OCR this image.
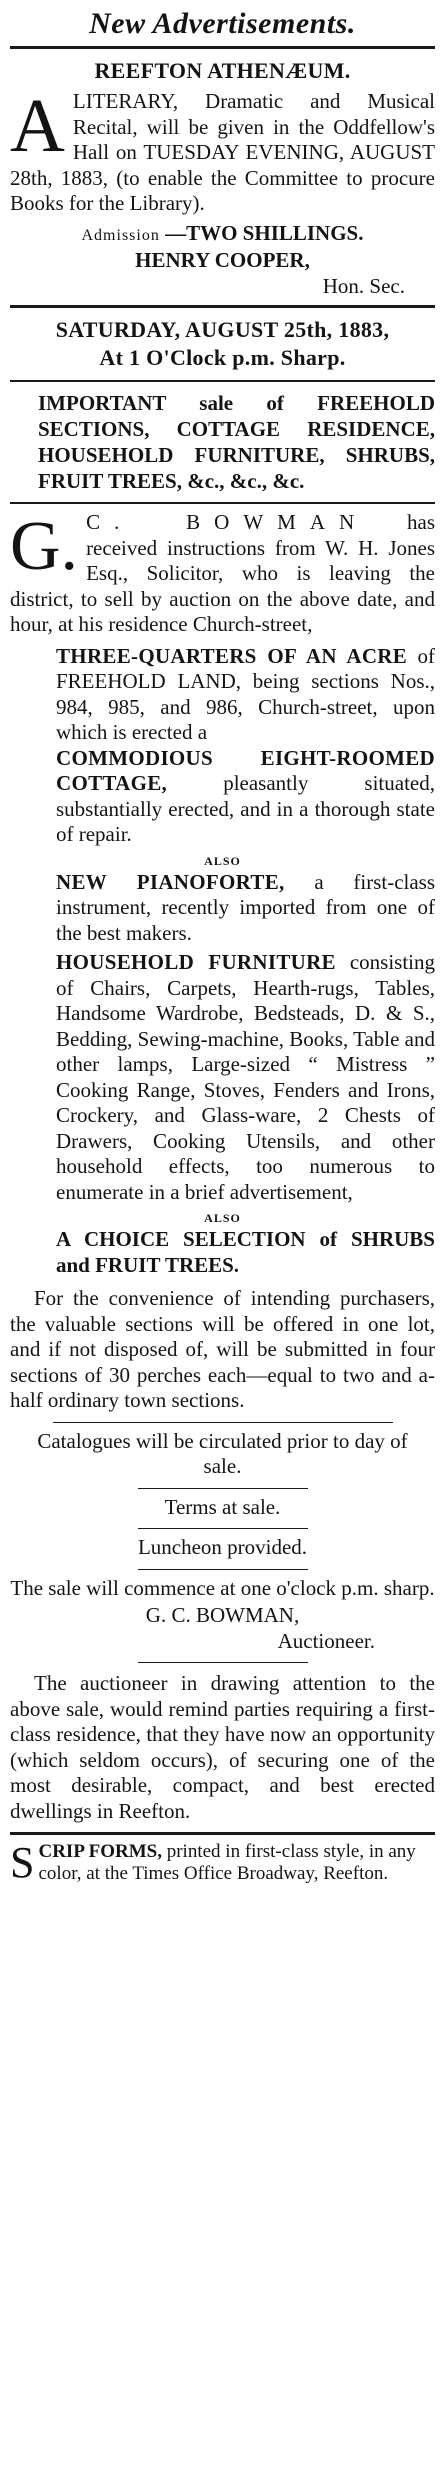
New Advertisements.
REEFTON ATHENÆUM.
A LITERARY, Dramatic and Musical Recital, will be given in the Oddfellow's Hall on TUESDAY EVENING, AUGUST 28th, 1883, (to enable the Committee to procure Books for the Library).
Admission —TWO SHILLINGS.
HENRY COOPER,
Hon. Sec.
SATURDAY, AUGUST 25th, 1883,
At 1 O'Clock p.m. Sharp.
IMPORTANT sale of FREEHOLD SECTIONS, COTTAGE RESIDENCE, HOUSEHOLD FURNITURE, SHRUBS, FRUIT TREES, &c., &c., &c.
G. C. BOWMAN has received instructions from W. H. Jones Esq., Solicitor, who is leaving the district, to sell by auction on the above date, and hour, at his residence Church-street,
THREE-QUARTERS OF AN ACRE of FREEHOLD LAND, being sections Nos., 984, 985, and 986, Church-street, upon which is erected a
COMMODIOUS EIGHT-ROOMED COTTAGE,	pleasantly situated, substantially erected, and in a thorough state of repair.
ALSO
NEW PIANOFORTE, a first-class instrument, recently imported from one of the best makers.
HOUSEHOLD FURNITURE consisting of Chairs, Carpets, Hearth-rugs, Tables, Handsome Wardrobe, Bedsteads, D. & S., Bedding, Sewing-machine, Books, Table and other lamps, Large-sized “ Mistress ” Cooking Range, Stoves, Fenders and Irons, Crockery, and Glass-ware, 2 Chests of Drawers, Cooking Utensils, and other household effects, too numerous to enumerate in a brief advertisement,
ALSO
A CHOICE SELECTION of SHRUBS and FRUIT TREES.
For the convenience of intending purchasers, the valuable sections will be offered in one lot, and if not disposed of, will be submitted in four sections of 30 perches each—equal to two and a-half ordinary town sections.
Catalogues will be circulated prior to day of sale.
Terms at sale.
Luncheon provided.
The sale will commence at one o'clock p.m. sharp.
G. C. BOWMAN,
Auctioneer.
The auctioneer in drawing attention to the above sale, would remind parties requiring a first-class residence, that they have now an opportunity (which seldom occurs), of securing one of the most desirable, compact, and best erected dwellings in Reefton.
S CRIP FORMS, printed in first-class style, in any color, at the Times Office Broadway, Reefton.
